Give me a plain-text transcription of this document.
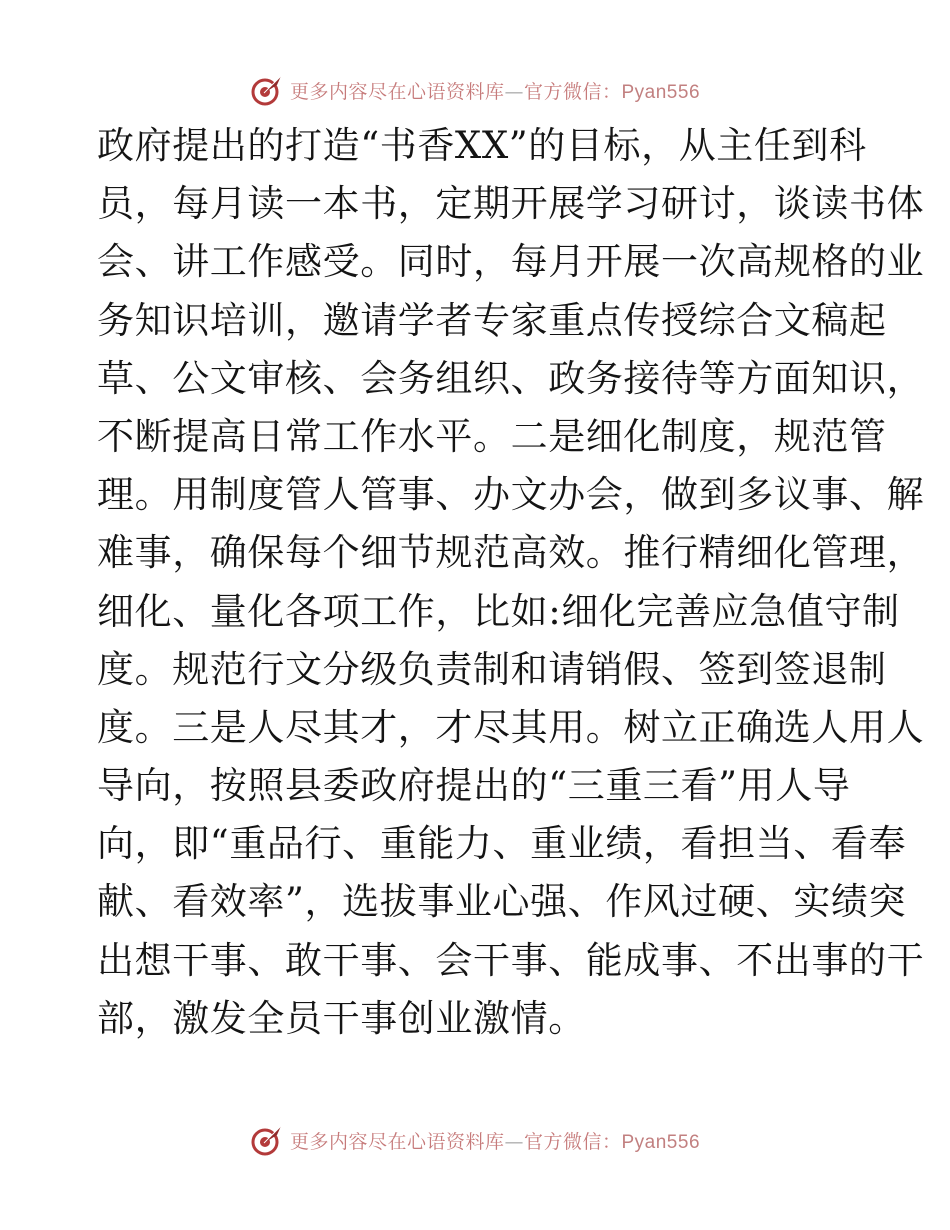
更多内容尽在心语资料库—官方微信：Pyan556
政府提出的打造“书香XX”的目标，从主任到科
员，每月读一本书，定期开展学习研讨，谈读书体
会、讲工作感受。同时，每月开展一次高规格的业
务知识培训，邀请学者专家重点传授综合文稿起
草、公文审核、会务组织、政务接待等方面知识，
不断提高日常工作水平。二是细化制度，规范管
理。用制度管人管事、办文办会，做到多议事、解
难事，确保每个细节规范高效。推行精细化管理，
细化、量化各项工作，比如:细化完善应急值守制
度。规范行文分级负责制和请销假、签到签退制
度。三是人尽其才，才尽其用。树立正确选人用人
导向，按照县委政府提出的“三重三看”用人导
向，即“重品行、重能力、重业绩，看担当、看奉
献、看效率”，选拔事业心强、作风过硬、实绩突
出想干事、敢干事、会干事、能成事、不出事的干
部，激发全员干事创业激情。
更多内容尽在心语资料库—官方微信：Pyan556
